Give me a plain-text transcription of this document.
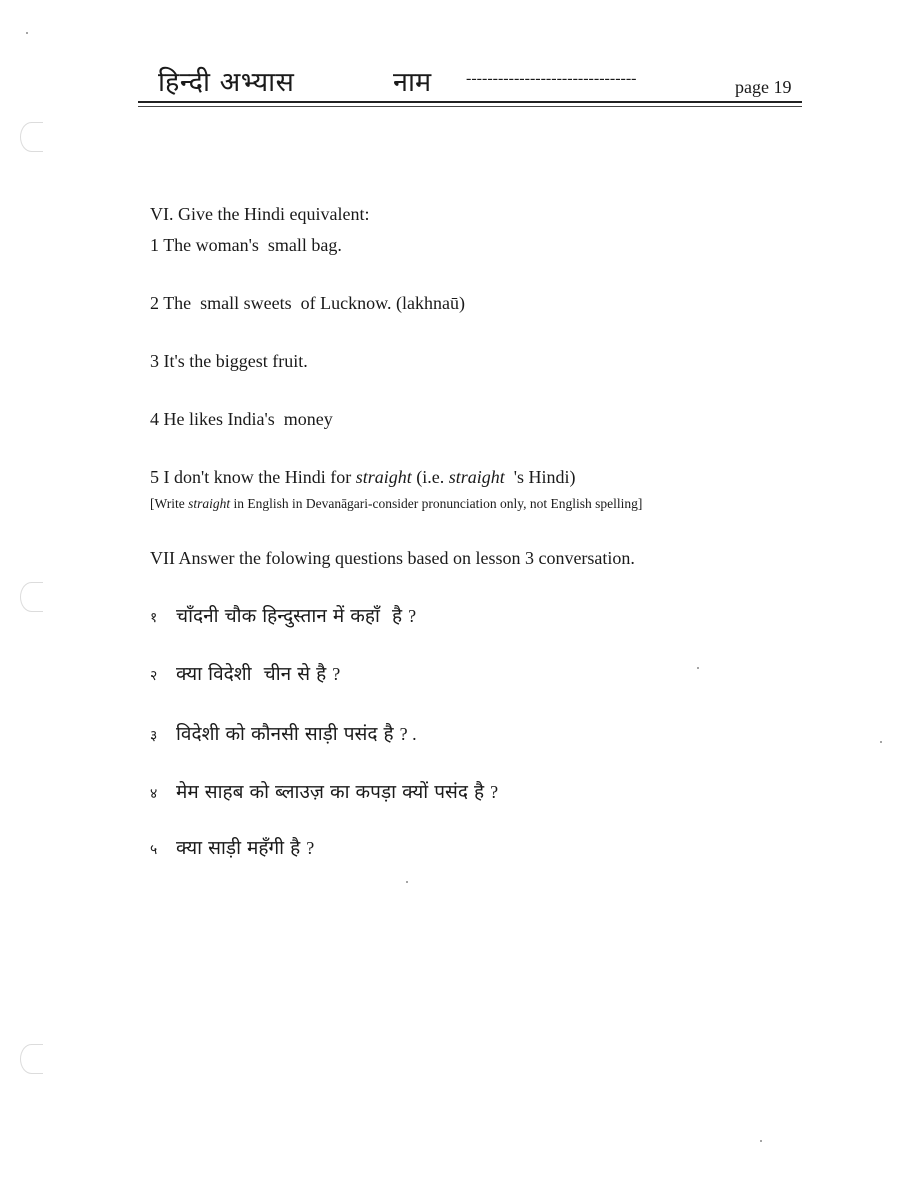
हिन्दी अभ्यास	नाम --------------------------------	page 19
VI. Give the Hindi equivalent:
1 The woman's  small bag.
2 The  small sweets  of Lucknow. (lakhnaū)
3 It's the biggest fruit.
4 He likes India's  money
5 I don't know the Hindi for straight (i.e. straight  's Hindi)
[Write straight in English in Devanāgari-consider pronunciation only, not English spelling]
VII Answer the folowing questions based on lesson 3 conversation.
१ चाँदनी चौक हिन्दुस्तान में कहाँ  है ?
२ क्या विदेशी  चीन से है ?
३ विदेशी को कौनसी साड़ी पसंद है ? .
४ मेम साहब को ब्लाउज़ का कपड़ा क्यों पसंद है ?
५ क्या साड़ी महँगी है ?
